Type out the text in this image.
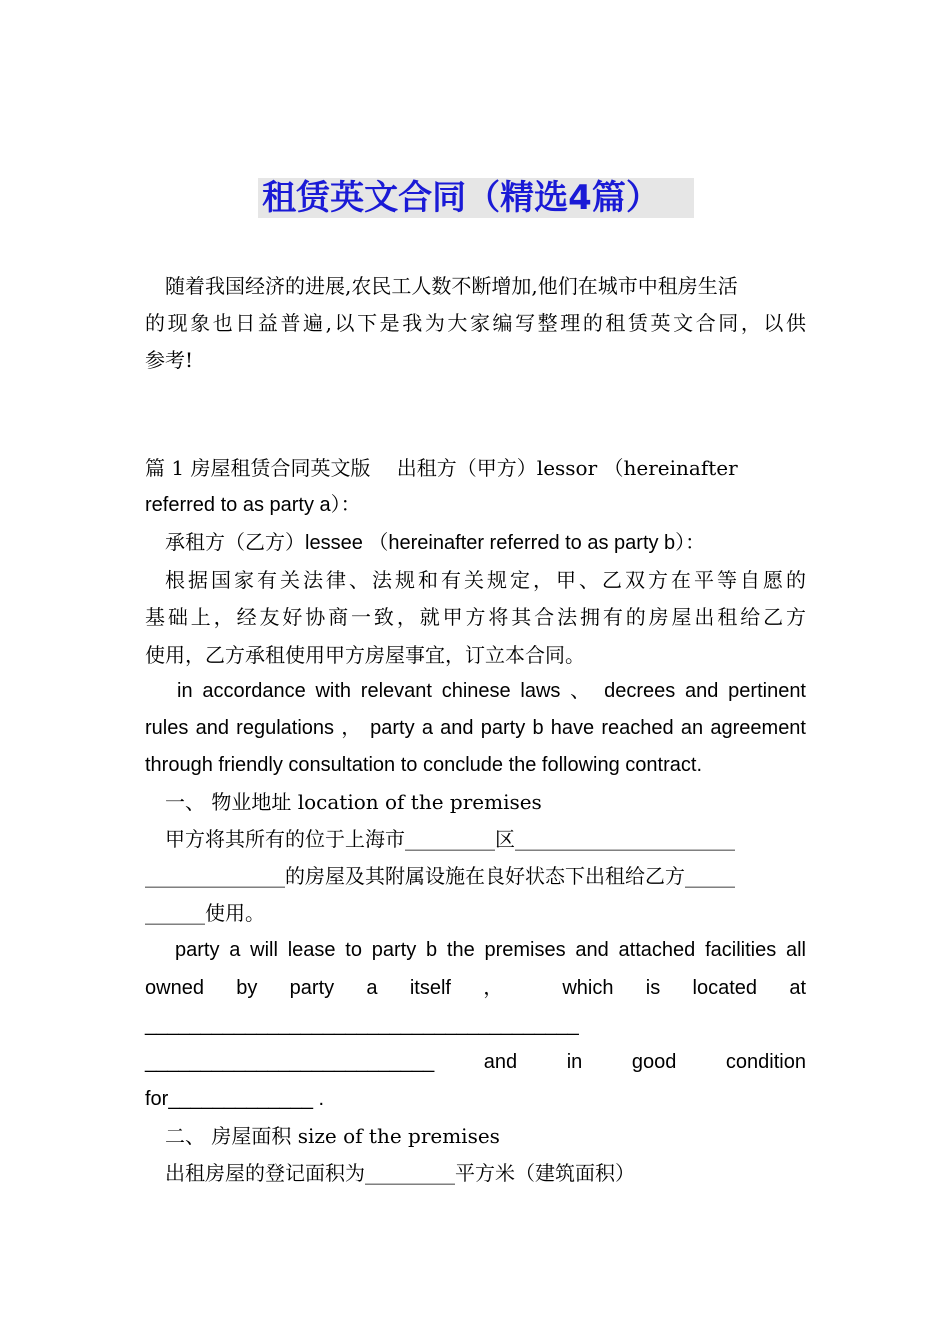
租赁英文合同（精选4篇）
随着我国经济的进展,农民工人数不断增加,他们在城市中租房生活
的现象也日益普遍,以下是我为大家编写整理的租赁英文合同，以供
参考!
篇 1 房屋租赁合同英文版　 出租方（甲方）lessor （hereinafter
referred to as party a）：
承租方（乙方）lessee （hereinafter referred to as party b）：
根据国家有关法律、法规和有关规定，甲、乙双方在平等自愿的
基础上，经友好协商一致，就甲方将其合法拥有的房屋出租给乙方
使用，乙方承租使用甲方房屋事宜，订立本合同。
in accordance with relevant chinese laws 、 decrees and pertinent
rules and regulations ， party a and party b have reached an agreement
through friendly consultation to conclude the following contract.
一、 物业地址 location of the premises
甲方将其所有的位于上海市_________区______________________
______________的房屋及其附属设施在良好状态下出租给乙方_____
______使用。
party a will lease to party b the premises and attached facilities all
owned by party a itself ， which is located at
_______________________________________
__________________________ and in good condition
for_____________ .
二、 房屋面积 size of the premises
出租房屋的登记面积为_________平方米（建筑面积）
